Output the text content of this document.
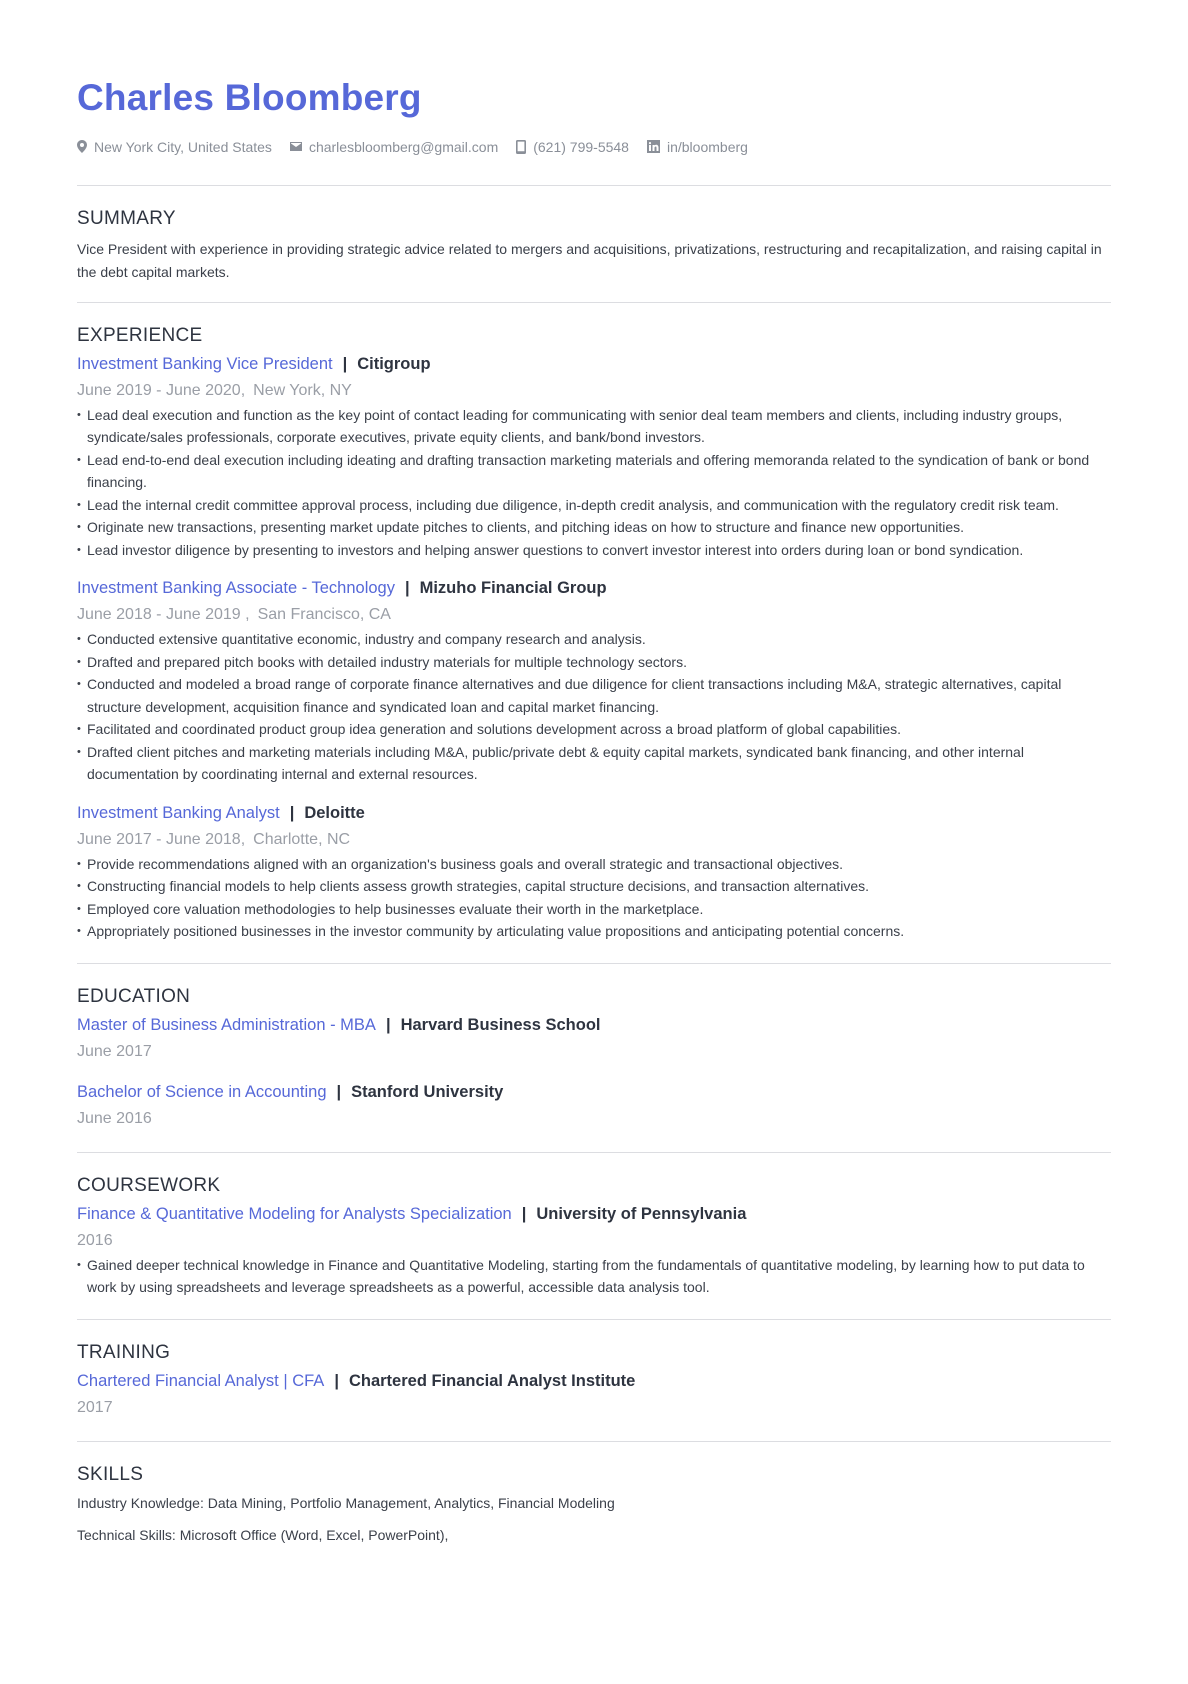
Charles Bloomberg
New York City, United States	charlesbloomberg@gmail.com	(621) 799-5548	in/bloomberg
SUMMARY
Vice President with experience in providing strategic advice related to mergers and acquisitions, privatizations, restructuring and recapitalization, and raising capital in the debt capital markets.
EXPERIENCE
Investment Banking Vice President | Citigroup
June 2019 - June 2020, New York, NY
• Lead deal execution and function as the key point of contact leading for communicating with senior deal team members and clients, including industry groups, syndicate/sales professionals, corporate executives, private equity clients, and bank/bond investors.
• Lead end-to-end deal execution including ideating and drafting transaction marketing materials and offering memoranda related to the syndication of bank or bond financing.
• Lead the internal credit committee approval process, including due diligence, in-depth credit analysis, and communication with the regulatory credit risk team.
• Originate new transactions, presenting market update pitches to clients, and pitching ideas on how to structure and finance new opportunities.
• Lead investor diligence by presenting to investors and helping answer questions to convert investor interest into orders during loan or bond syndication.
Investment Banking Associate - Technology | Mizuho Financial Group
June 2018 - June 2019 , San Francisco, CA
• Conducted extensive quantitative economic, industry and company research and analysis.
• Drafted and prepared pitch books with detailed industry materials for multiple technology sectors.
• Conducted and modeled a broad range of corporate finance alternatives and due diligence for client transactions including M&A, strategic alternatives, capital structure development, acquisition finance and syndicated loan and capital market financing.
• Facilitated and coordinated product group idea generation and solutions development across a broad platform of global capabilities.
• Drafted client pitches and marketing materials including M&A, public/private debt & equity capital markets, syndicated bank financing, and other internal documentation by coordinating internal and external resources.
Investment Banking Analyst | Deloitte
June 2017 - June 2018, Charlotte, NC
• Provide recommendations aligned with an organization's business goals and overall strategic and transactional objectives.
• Constructing financial models to help clients assess growth strategies, capital structure decisions, and transaction alternatives.
• Employed core valuation methodologies to help businesses evaluate their worth in the marketplace.
• Appropriately positioned businesses in the investor community by articulating value propositions and anticipating potential concerns.
EDUCATION
Master of Business Administration - MBA | Harvard Business School
June 2017
Bachelor of Science in Accounting | Stanford University
June 2016
COURSEWORK
Finance & Quantitative Modeling for Analysts Specialization | University of Pennsylvania
2016
• Gained deeper technical knowledge in Finance and Quantitative Modeling, starting from the fundamentals of quantitative modeling, by learning how to put data to work by using spreadsheets and leverage spreadsheets as a powerful, accessible data analysis tool.
TRAINING
Chartered Financial Analyst | CFA | Chartered Financial Analyst Institute
2017
SKILLS
Industry Knowledge: Data Mining, Portfolio Management, Analytics, Financial Modeling
Technical Skills: Microsoft Office (Word, Excel, PowerPoint),
